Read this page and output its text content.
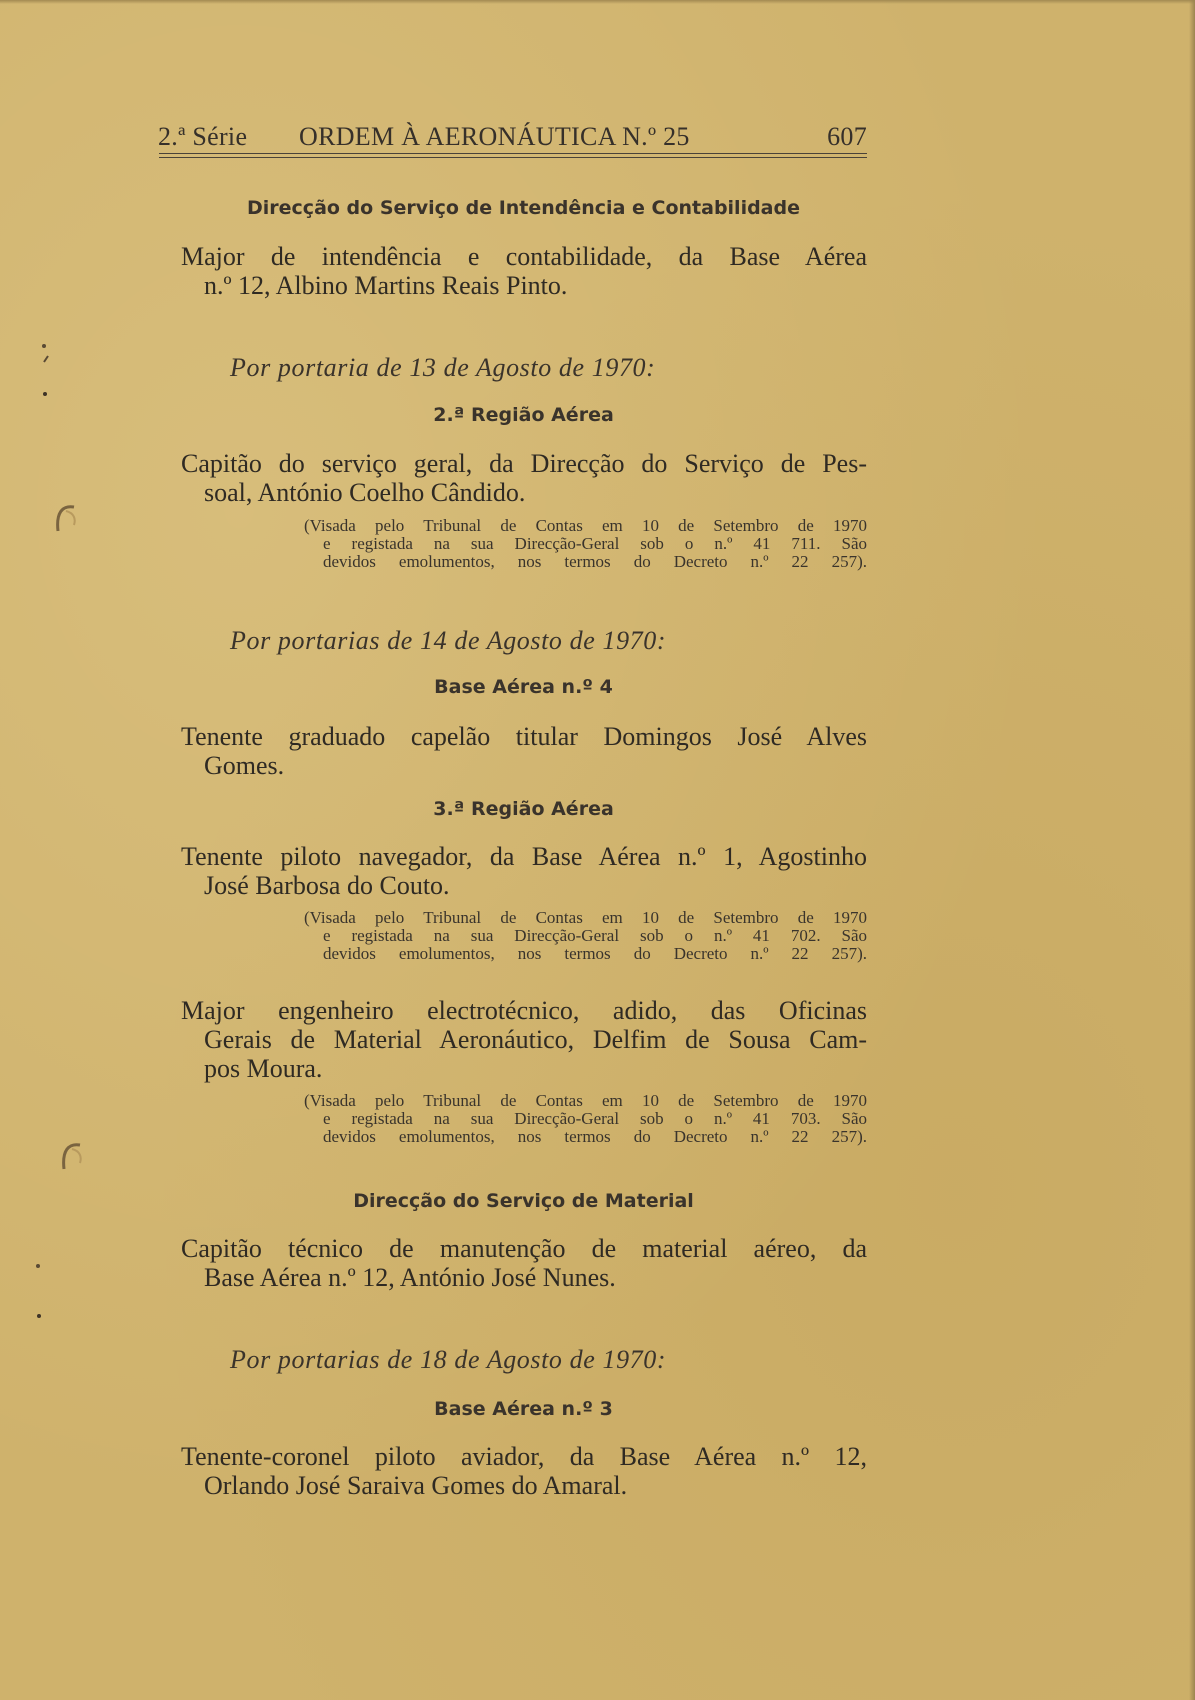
2.ª Série ORDEM À AERONÁUTICA N.º 25	607
Direcção do Serviço de Intendência e Contabilidade
Major de intendência e contabilidade, da Base Aérea
n.º 12, Albino Martins Reais Pinto.
Por portaria de 13 de Agosto de 1970:
2.ª Região Aérea
Capitão do serviço geral, da Direcção do Serviço de Pes-
soal, António Coelho Cândido.
(Visada pelo Tribunal de Contas em 10 de Setembro de 1970
e registada na sua Direcção-Geral sob o n.º 41 711. São
devidos emolumentos, nos termos do Decreto n.º 22 257).
Por portarias de 14 de Agosto de 1970:
Base Aérea n.º 4
Tenente graduado capelão titular Domingos José Alves
Gomes.
3.ª Região Aérea
Tenente piloto navegador, da Base Aérea n.º 1, Agostinho
José Barbosa do Couto.
(Visada pelo Tribunal de Contas em 10 de Setembro de 1970
e registada na sua Direcção-Geral sob o n.º 41 702. São
devidos emolumentos, nos termos do Decreto n.º 22 257).
Major engenheiro electrotécnico, adido, das Oficinas
Gerais de Material Aeronáutico, Delfim de Sousa Cam-
pos Moura.
(Visada pelo Tribunal de Contas em 10 de Setembro de 1970
e registada na sua Direcção-Geral sob o n.º 41 703. São
devidos emolumentos, nos termos do Decreto n.º 22 257).
Direcção do Serviço de Material
Capitão técnico de manutenção de material aéreo, da
Base Aérea n.º 12, António José Nunes.
Por portarias de 18 de Agosto de 1970:
Base Aérea n.º 3
Tenente-coronel piloto aviador, da Base Aérea n.º 12,
Orlando José Saraiva Gomes do Amaral.
